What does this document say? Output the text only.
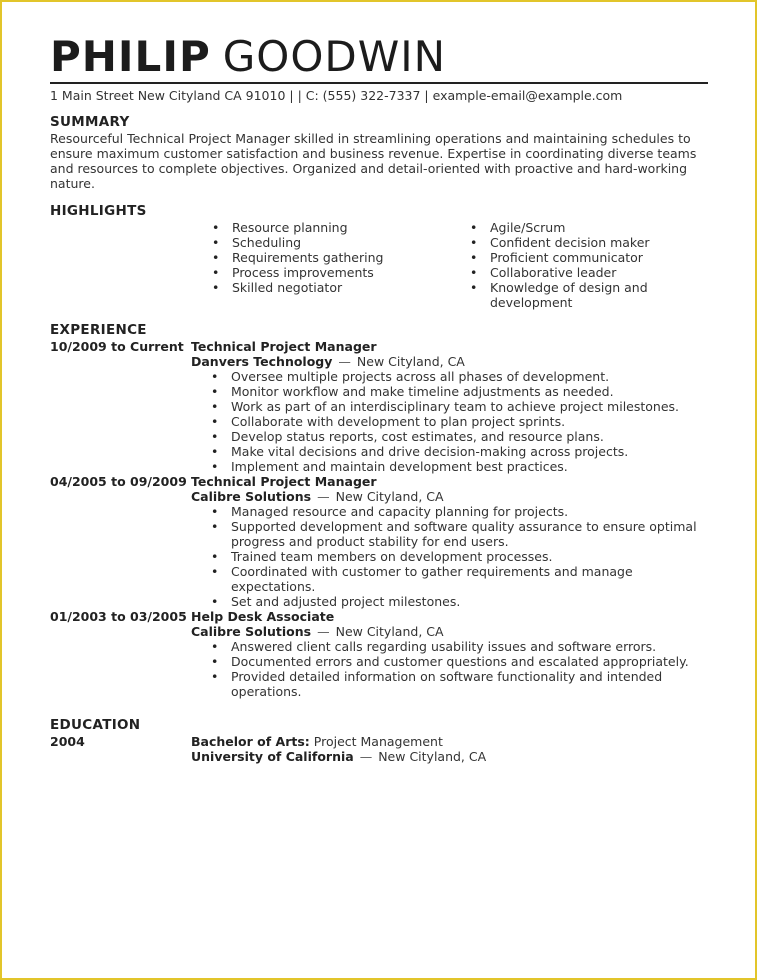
PHILIP GOODWIN
1 Main Street New Cityland CA 91010 | | C: (555) 322-7337 | example-email@example.com
SUMMARY
Resourceful Technical Project Manager skilled in streamlining operations and maintaining schedules to ensure maximum customer satisfaction and business revenue. Expertise in coordinating diverse teams and resources to complete objectives. Organized and detail-oriented with proactive and hard-working nature.
HIGHLIGHTS
• Resource planning
• Scheduling
• Requirements gathering
• Process improvements
• Skilled negotiator
• Agile/Scrum
• Confident decision maker
• Proficient communicator
• Collaborative leader
• Knowledge of design and development
EXPERIENCE
10/2009 to Current Technical Project Manager
Danvers Technology — New Cityland, CA
• Oversee multiple projects across all phases of development.
• Monitor workflow and make timeline adjustments as needed.
• Work as part of an interdisciplinary team to achieve project milestones.
• Collaborate with development to plan project sprints.
• Develop status reports, cost estimates, and resource plans.
• Make vital decisions and drive decision-making across projects.
• Implement and maintain development best practices.
04/2005 to 09/2009 Technical Project Manager
Calibre Solutions — New Cityland, CA
• Managed resource and capacity planning for projects.
• Supported development and software quality assurance to ensure optimal progress and product stability for end users.
• Trained team members on development processes.
• Coordinated with customer to gather requirements and manage expectations.
• Set and adjusted project milestones.
01/2003 to 03/2005 Help Desk Associate
Calibre Solutions — New Cityland, CA
• Answered client calls regarding usability issues and software errors.
• Documented errors and customer questions and escalated appropriately.
• Provided detailed information on software functionality and intended operations.
EDUCATION
2004	Bachelor of Arts: Project Management
University of California — New Cityland, CA
